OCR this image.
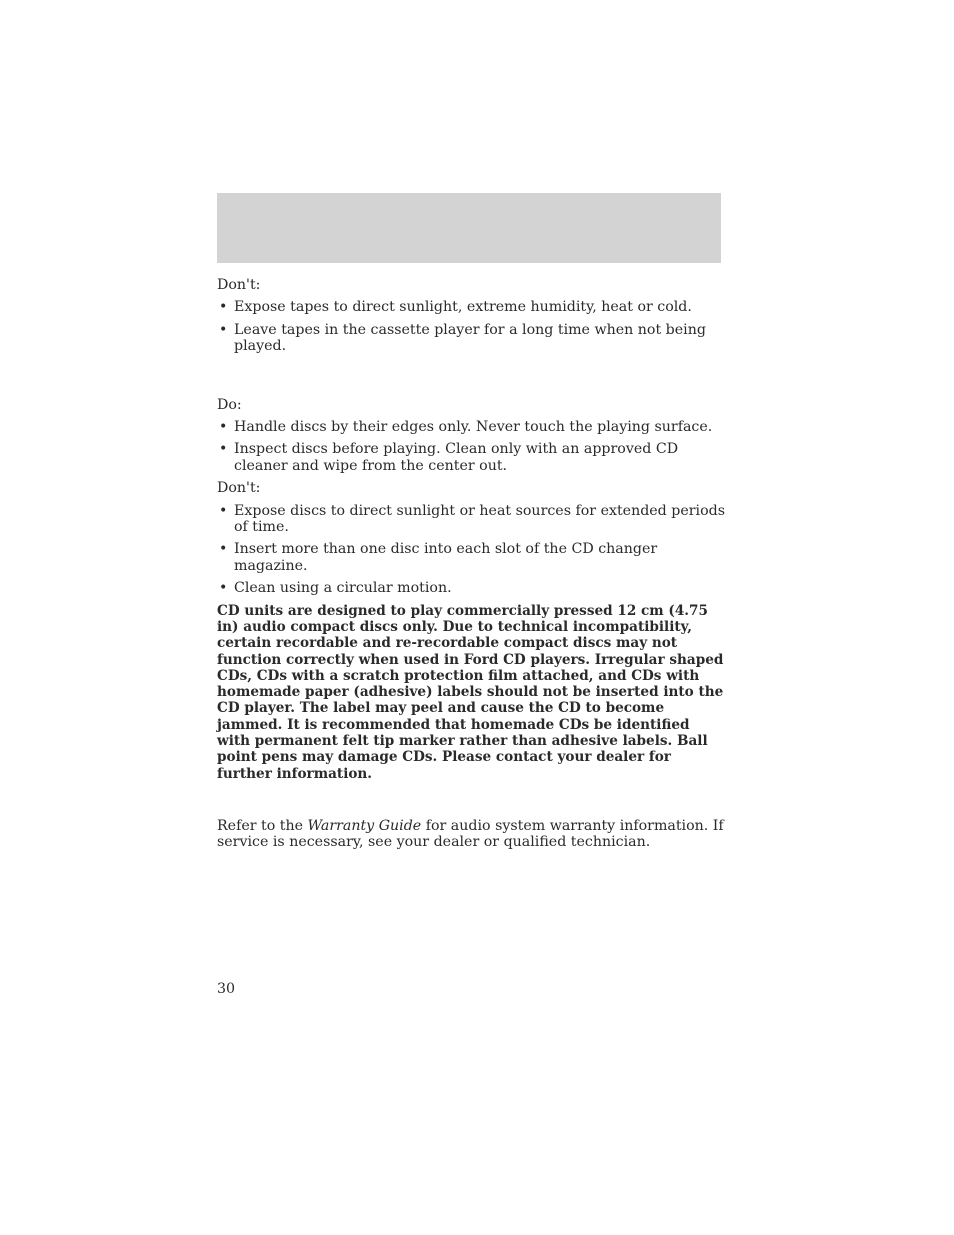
Don't:

• Expose tapes to direct sunlight, extreme humidity, heat or cold.
• Leave tapes in the cassette player for a long time when not being played.

Do:

• Handle discs by their edges only. Never touch the playing surface.
• Inspect discs before playing. Clean only with an approved CD cleaner and wipe from the center out.

Don't:

• Expose discs to direct sunlight or heat sources for extended periods of time.
• Insert more than one disc into each slot of the CD changer magazine.
• Clean using a circular motion.

CD units are designed to play commercially pressed 12 cm (4.75 in) audio compact discs only. Due to technical incompatibility, certain recordable and re-recordable compact discs may not function correctly when used in Ford CD players. Irregular shaped CDs, CDs with a scratch protection film attached, and CDs with homemade paper (adhesive) labels should not be inserted into the CD player. The label may peel and cause the CD to become jammed. It is recommended that homemade CDs be identified with permanent felt tip marker rather than adhesive labels. Ball point pens may damage CDs. Please contact your dealer for further information.

Refer to the Warranty Guide for audio system warranty information. If service is necessary, see your dealer or qualified technician.

30
